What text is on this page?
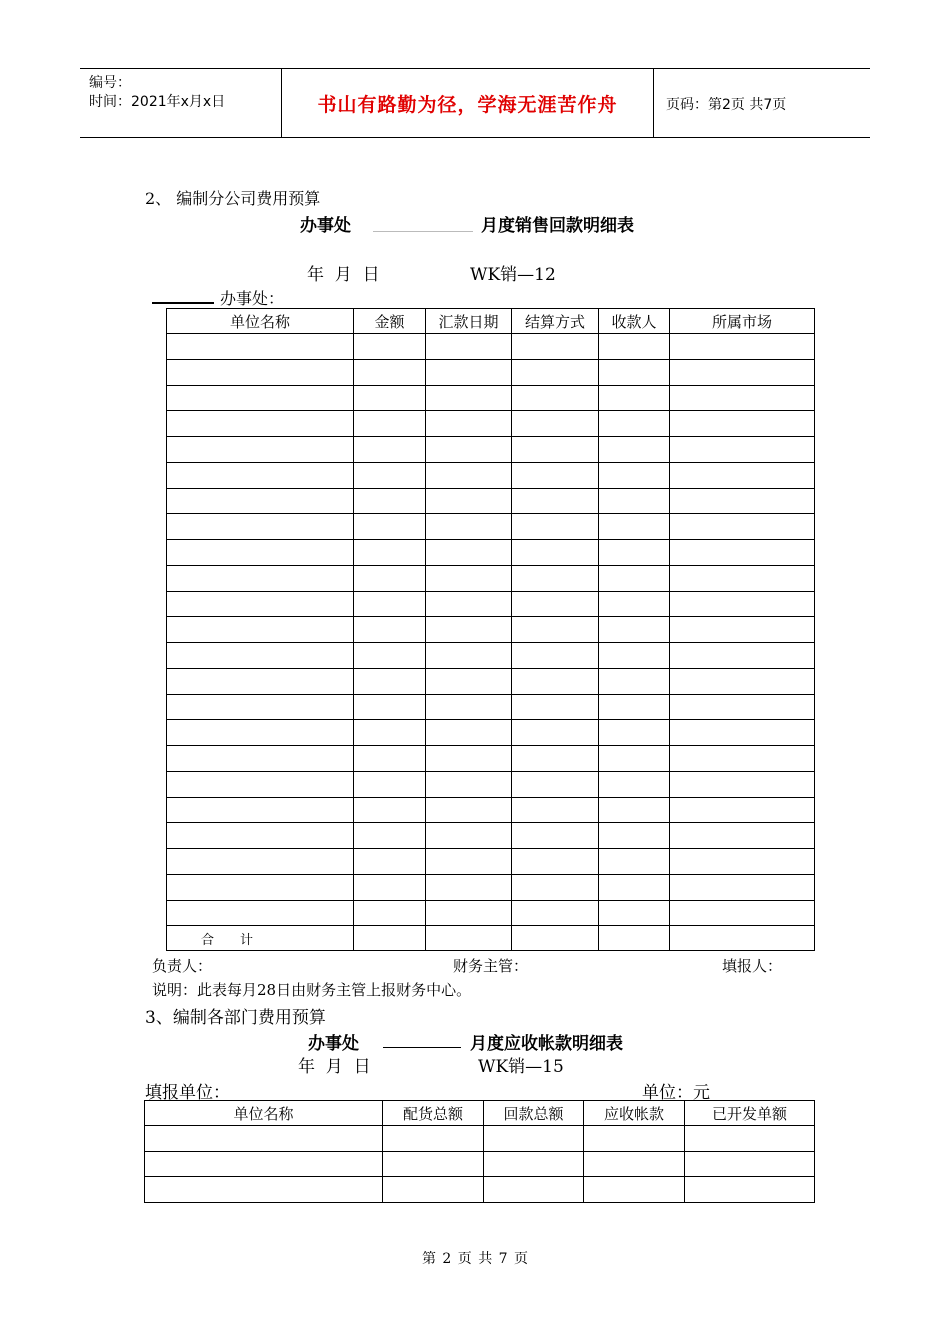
编号：
时间：2021年x月x日	书山有路勤为径，学海无涯苦作舟	页码：第2页 共7页
2、 编制分公司费用预算
办事处	月度销售回款明细表
年  月  日	WK销—12
办事处：
单位名称	金额	汇款日期	结算方式	收款人	所属市场

合　　计					
负责人：	财务主管：	填报人：
说明：此表每月28日由财务主管上报财务中心。
3、编制各部门费用预算
办事处	月度应收帐款明细表
年  月  日	WK销—15
填报单位：	单位：元
单位名称	配货总额	回款总额	应收帐款	已开发单额

第 2 页 共 7 页
